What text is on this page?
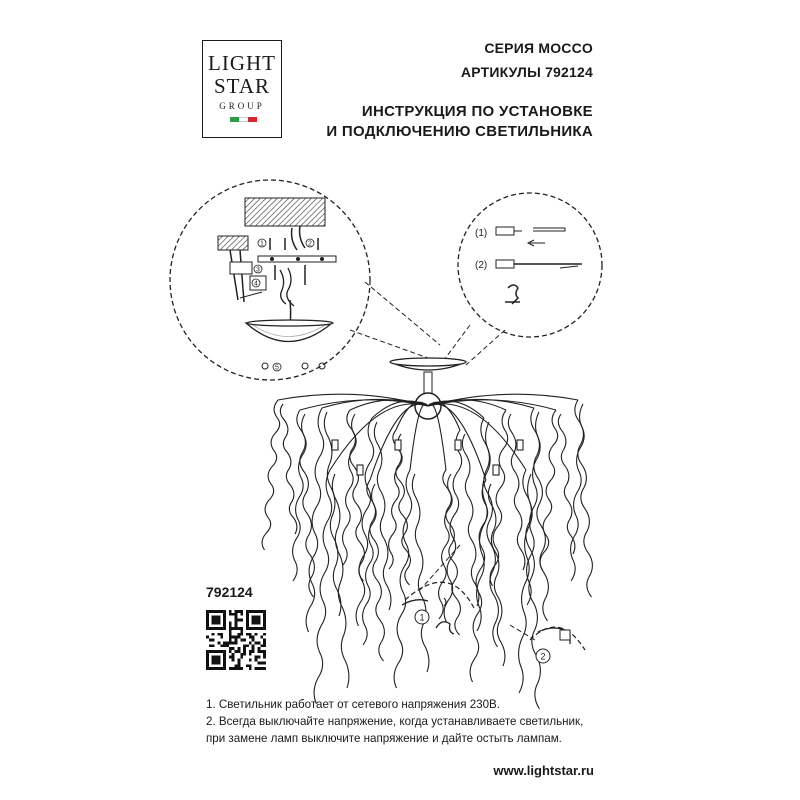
LIGHT
STAR
GROUP
СЕРИЯ MOCCO
АРТИКУЛЫ 792124
ИНСТРУКЦИЯ ПО УСТАНОВКЕ
И ПОДКЛЮЧЕНИЮ СВЕТИЛЬНИКА
1	2
3
4
5
(1)
(2)
1
2
792124
1. Светильник работает от сетевого напряжения 230В.
2. Всегда выключайте напряжение, когда устанавливаете светильник,
при замене ламп выключите напряжение и дайте остыть лампам.
www.lightstar.ru
